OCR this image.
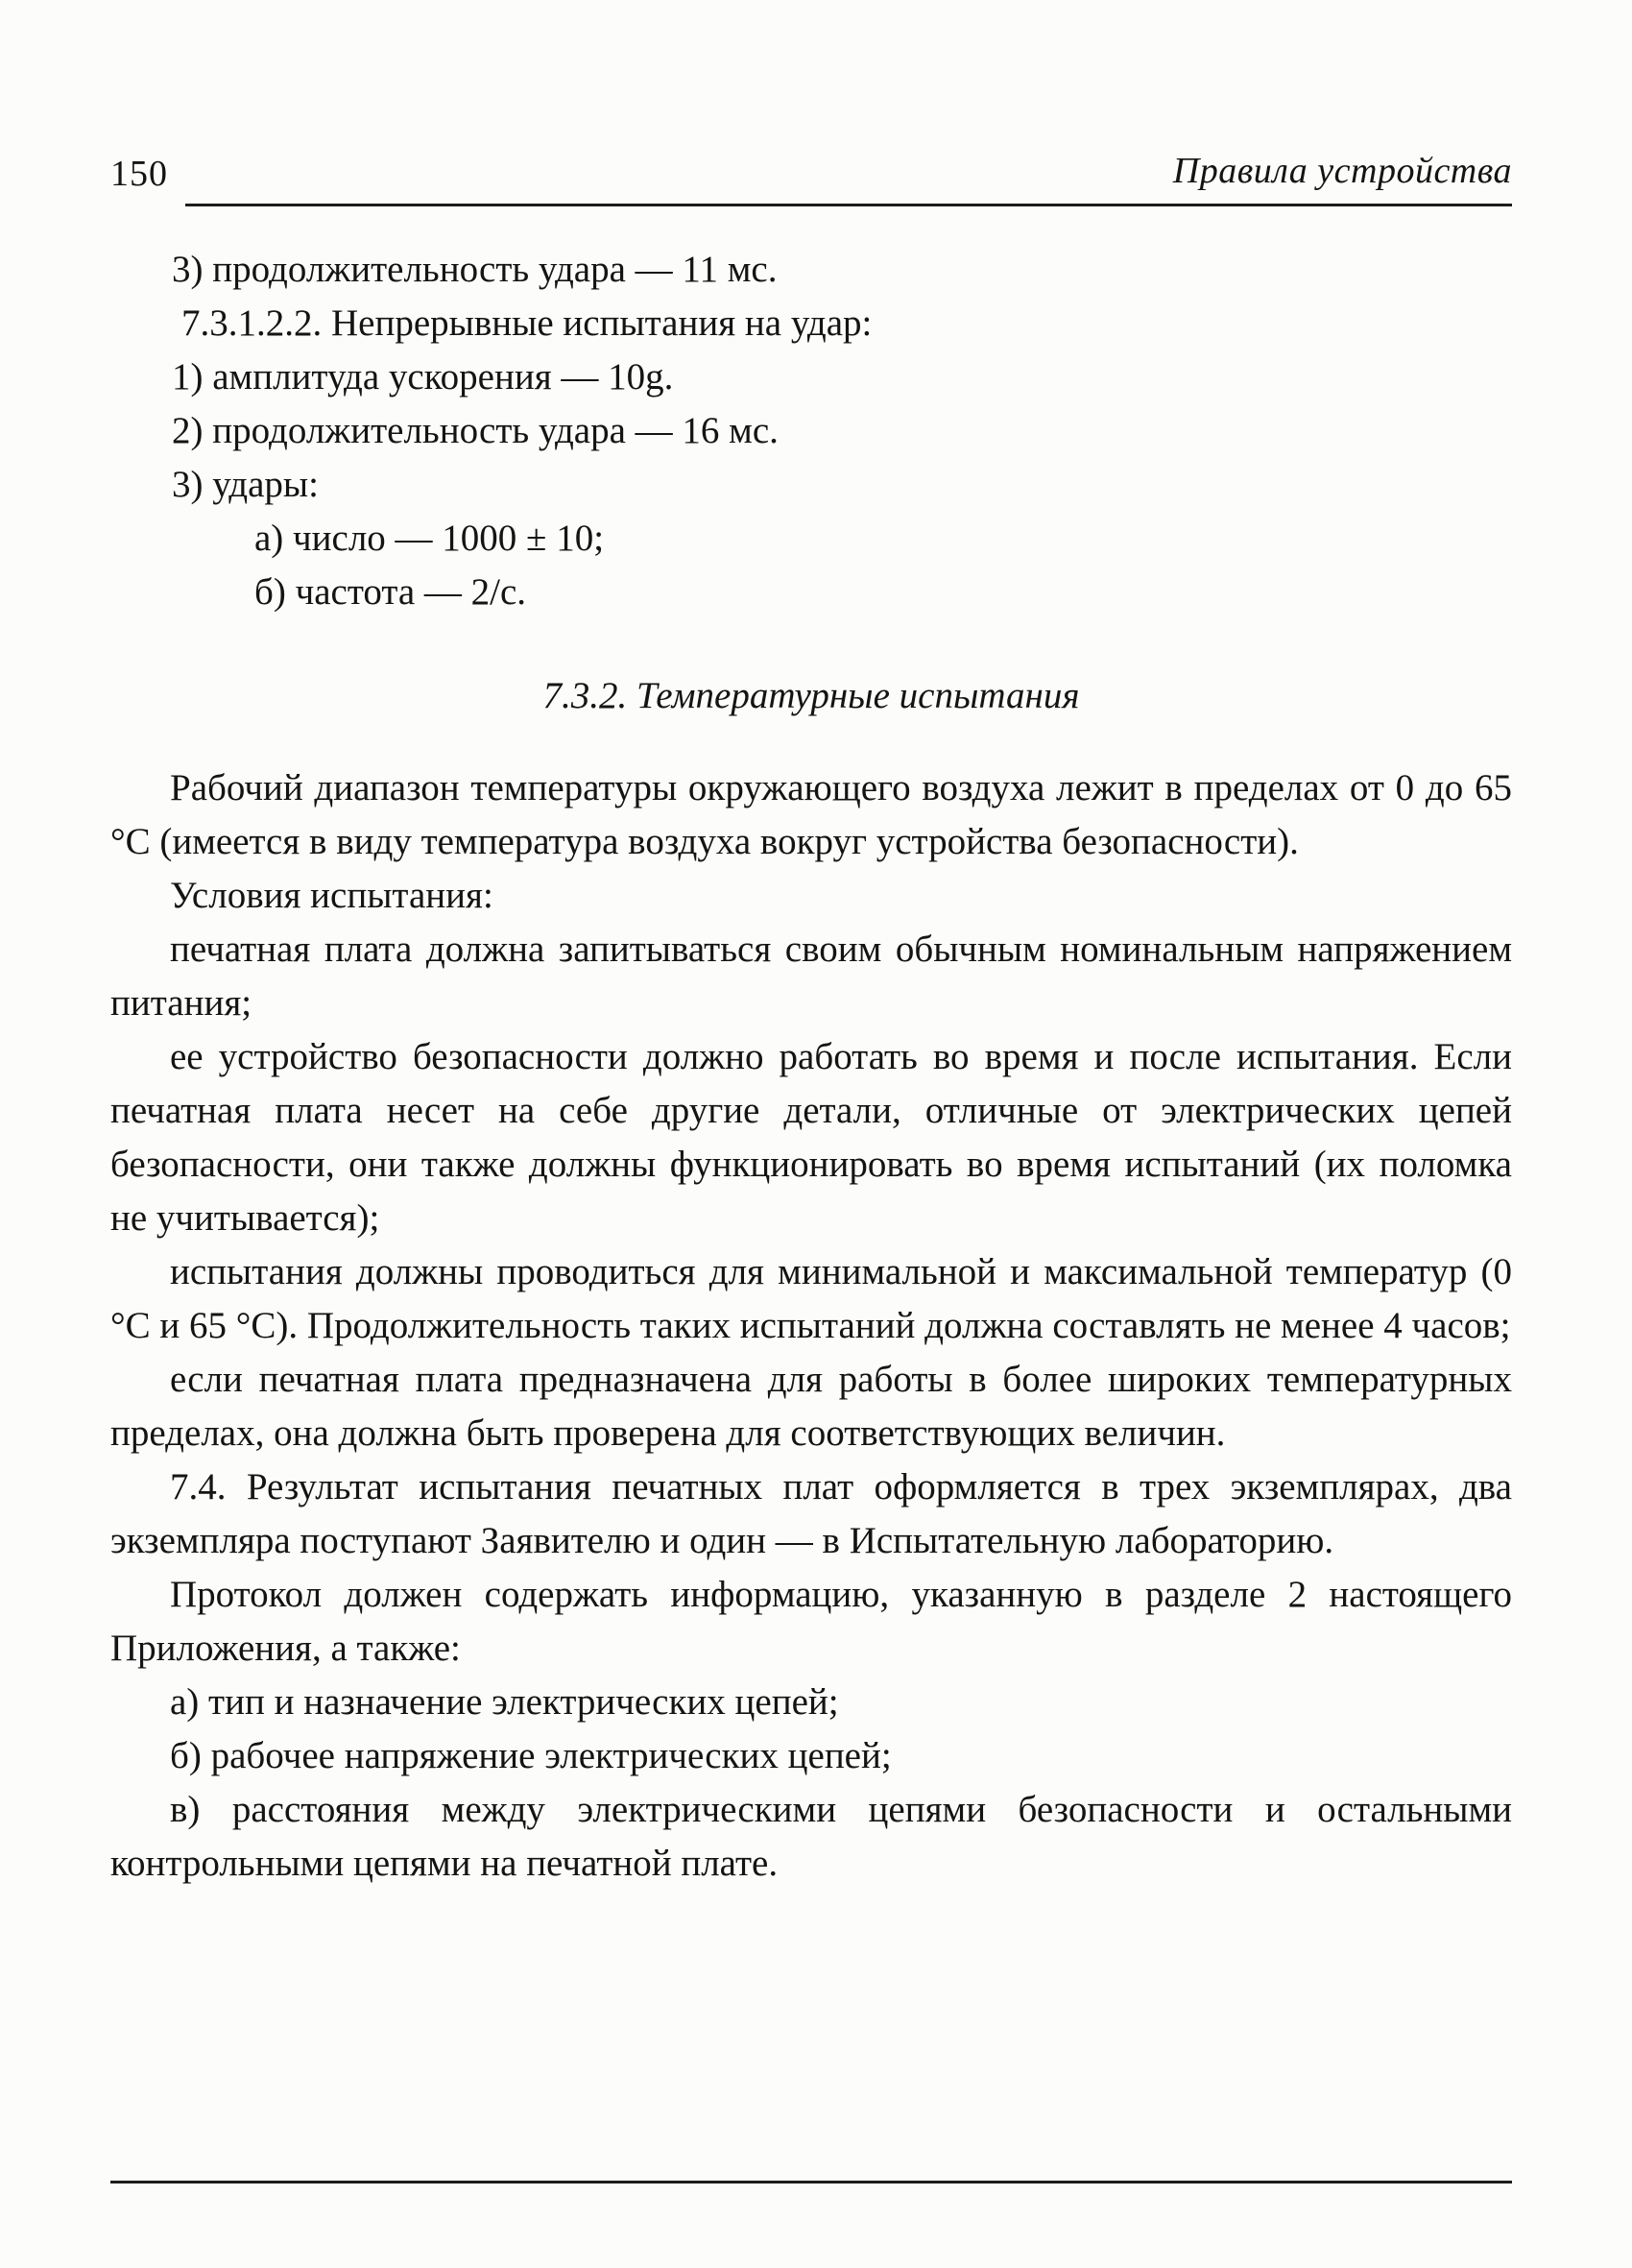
150	Правила устройства
3) продолжительность удара — 11 мс.
7.3.1.2.2. Непрерывные испытания на удар:
1) амплитуда ускорения — 10g.
2) продолжительность удара — 16 мс.
3) удары:
а) число — 1000 ± 10;
б) частота — 2/с.
7.3.2. Температурные испытания

Рабочий диапазон температуры окружающего воздуха лежит в пределах от 0 до 65 °С (имеется в виду температура воздуха вокруг устройства безопасности).

Условия испытания:

печатная плата должна запитываться своим обычным номинальным напряжением питания;

ее устройство безопасности должно работать во время и после испытания. Если печатная плата несет на себе другие детали, отличные от электрических цепей безопасности, они также должны функционировать во время испытаний (их поломка не учитывается);

испытания должны проводиться для минимальной и максимальной температур (0 °С и 65 °С). Продолжительность таких испытаний должна составлять не менее 4 часов;

если печатная плата предназначена для работы в более широких температурных пределах, она должна быть проверена для соответствующих величин.

7.4. Результат испытания печатных плат оформляется в трех экземплярах, два экземпляра поступают Заявителю и один — в Испытательную лабораторию.

Протокол должен содержать информацию, указанную в разделе 2 настоящего Приложения, а также:

а) тип и назначение электрических цепей;

б) рабочее напряжение электрических цепей;

в) расстояния между электрическими цепями безопасности и остальными контрольными цепями на печатной плате.
